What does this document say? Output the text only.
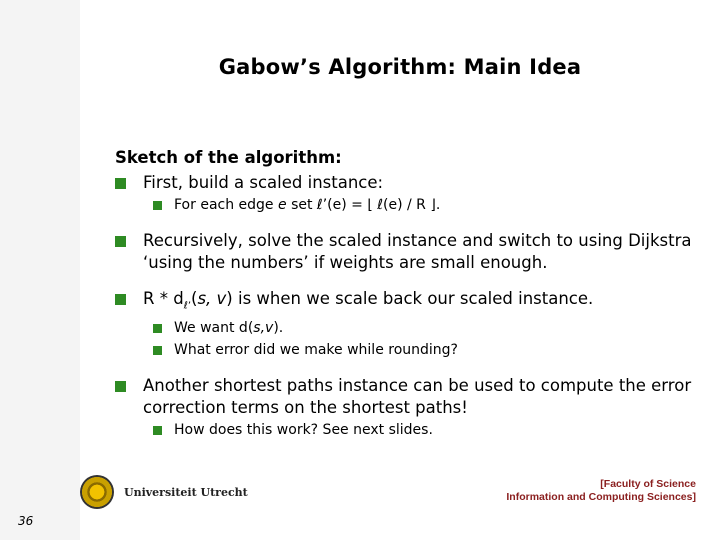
Gabow’s Algorithm: Main Idea
Sketch of the algorithm:
First, build a scaled instance:
For each edge e set ℓ’(e) = ⌊ ℓ(e) / R ⌋.
Recursively, solve the scaled instance and switch to using Dijkstra ‘using the numbers’ if weights are small enough.
R * $d_{\ell’}(s$, v) is when we scale back our scaled instance.
We want d(s,v).
What error did we make while rounding?
Another shortest paths instance can be used to compute the error correction terms on the shortest paths!
How does this work? See next slides.
Universiteit Utrecht
[Faculty of Science
Information and Computing Sciences]
36
